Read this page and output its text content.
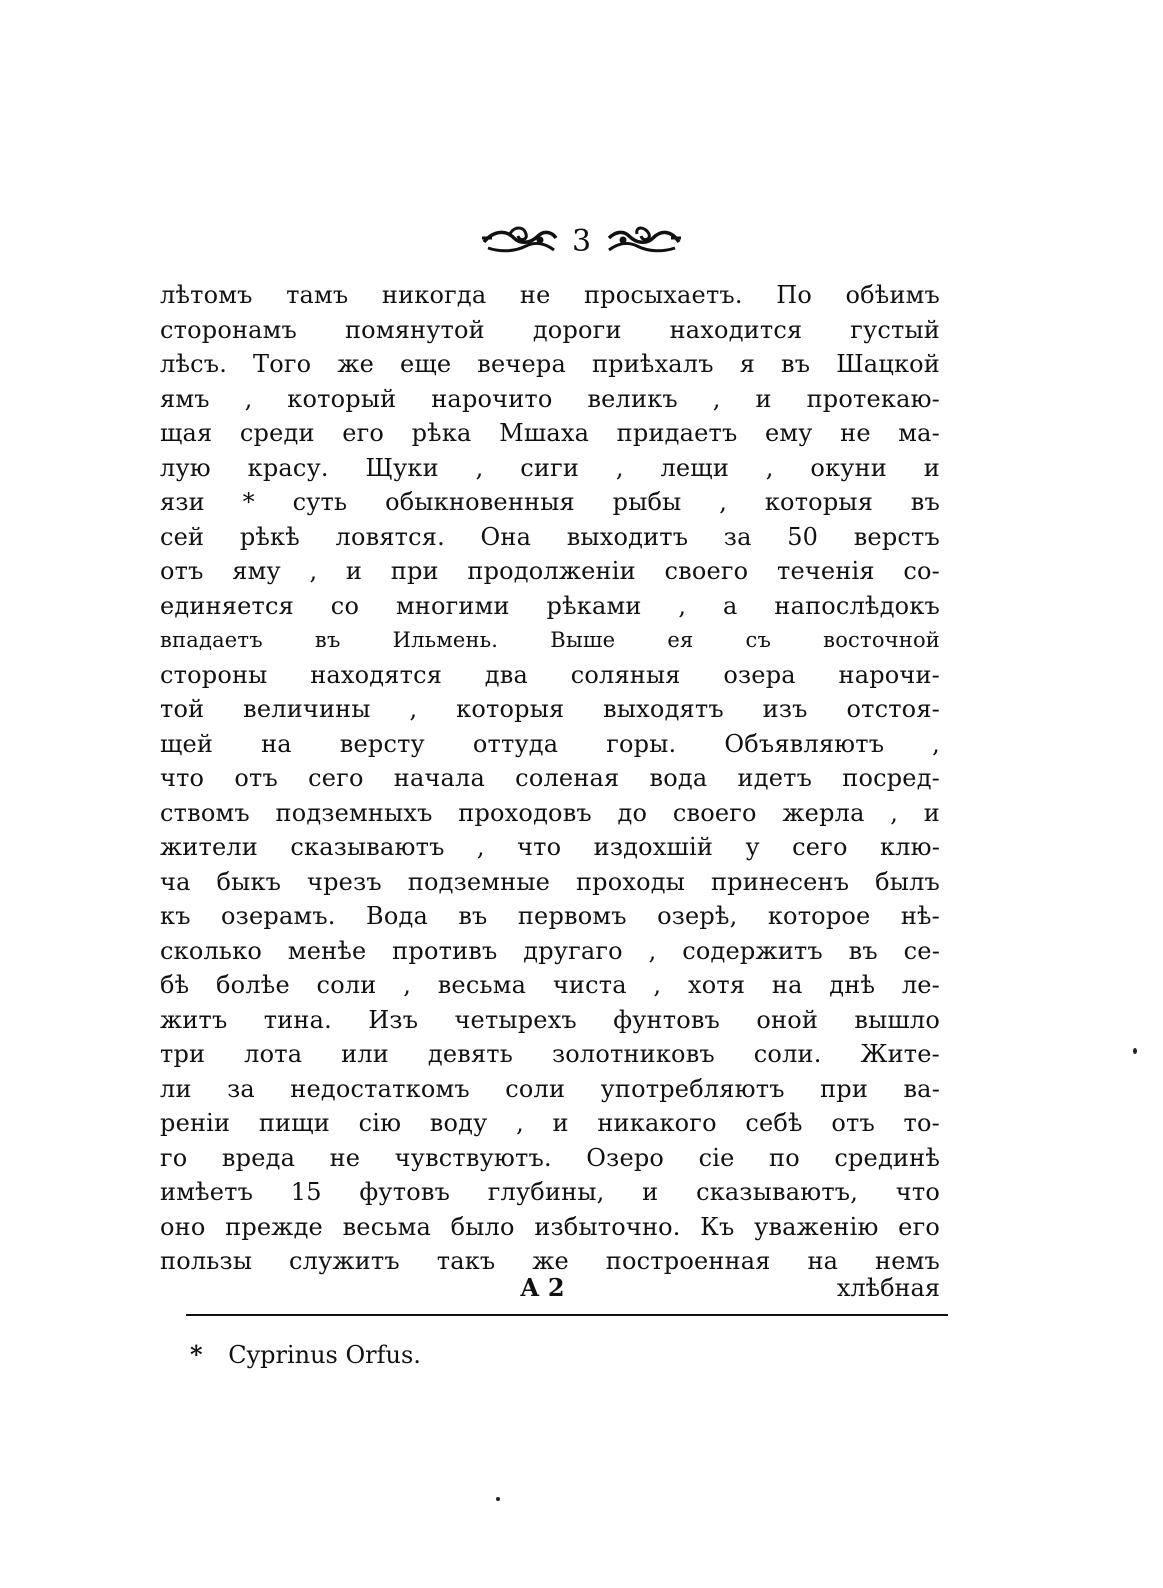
3
лѣтомъ тамъ никогда не просыхаетъ. По обѣимъ
сторонамъ помянутой дороги находится густый
лѣсъ. Того же еще вечера приѣхалъ я въ Шацкой
ямъ , который нарочито великъ , и протекаю-
щая среди его рѣка Мшаха придаетъ ему не ма-
лую красу. Щуки , сиги , лещи , окуни и
язи * суть обыкновенныя рыбы , которыя въ
сей рѣкѣ ловятся. Она выходитъ за 50 верстъ
отъ яму , и при продолженіи своего теченія со-
единяется со многими рѣками , а напослѣдокъ
впадаетъ въ Ильмень. Выше ея съ восточной
стороны находятся два соляныя озера нарочи-
той величины , которыя выходятъ изъ отстоя-
щей на версту оттуда горы. Объявляютъ ,
что отъ сего начала соленая вода идетъ посред-
ствомъ подземныхъ проходовъ до своего жерла , и
жители сказываютъ , что издохшій у сего клю-
ча быкъ чрезъ подземные проходы принесенъ былъ
къ озерамъ. Вода въ первомъ озерѣ, которое нѣ-
сколько менѣе противъ другаго , содержитъ въ се-
бѣ болѣе соли , весьма чиста , хотя на днѣ ле-
житъ тина. Изъ четырехъ фунтовъ оной вышло
три лота или девять золотниковъ соли. Жите-
ли за недостаткомъ соли употребляютъ при ва-
реніи пищи сію воду , и никакого себѣ отъ то-
го вреда не чувствуютъ. Озеро сіе по срединѣ
имѣетъ 15 футовъ глубины, и сказываютъ, что
оно прежде весьма было избыточно. Къ уваженію его
пользы служитъ такъ же построенная на немъ
А 2	хлѣбная
* Cyprinus Orfus.
